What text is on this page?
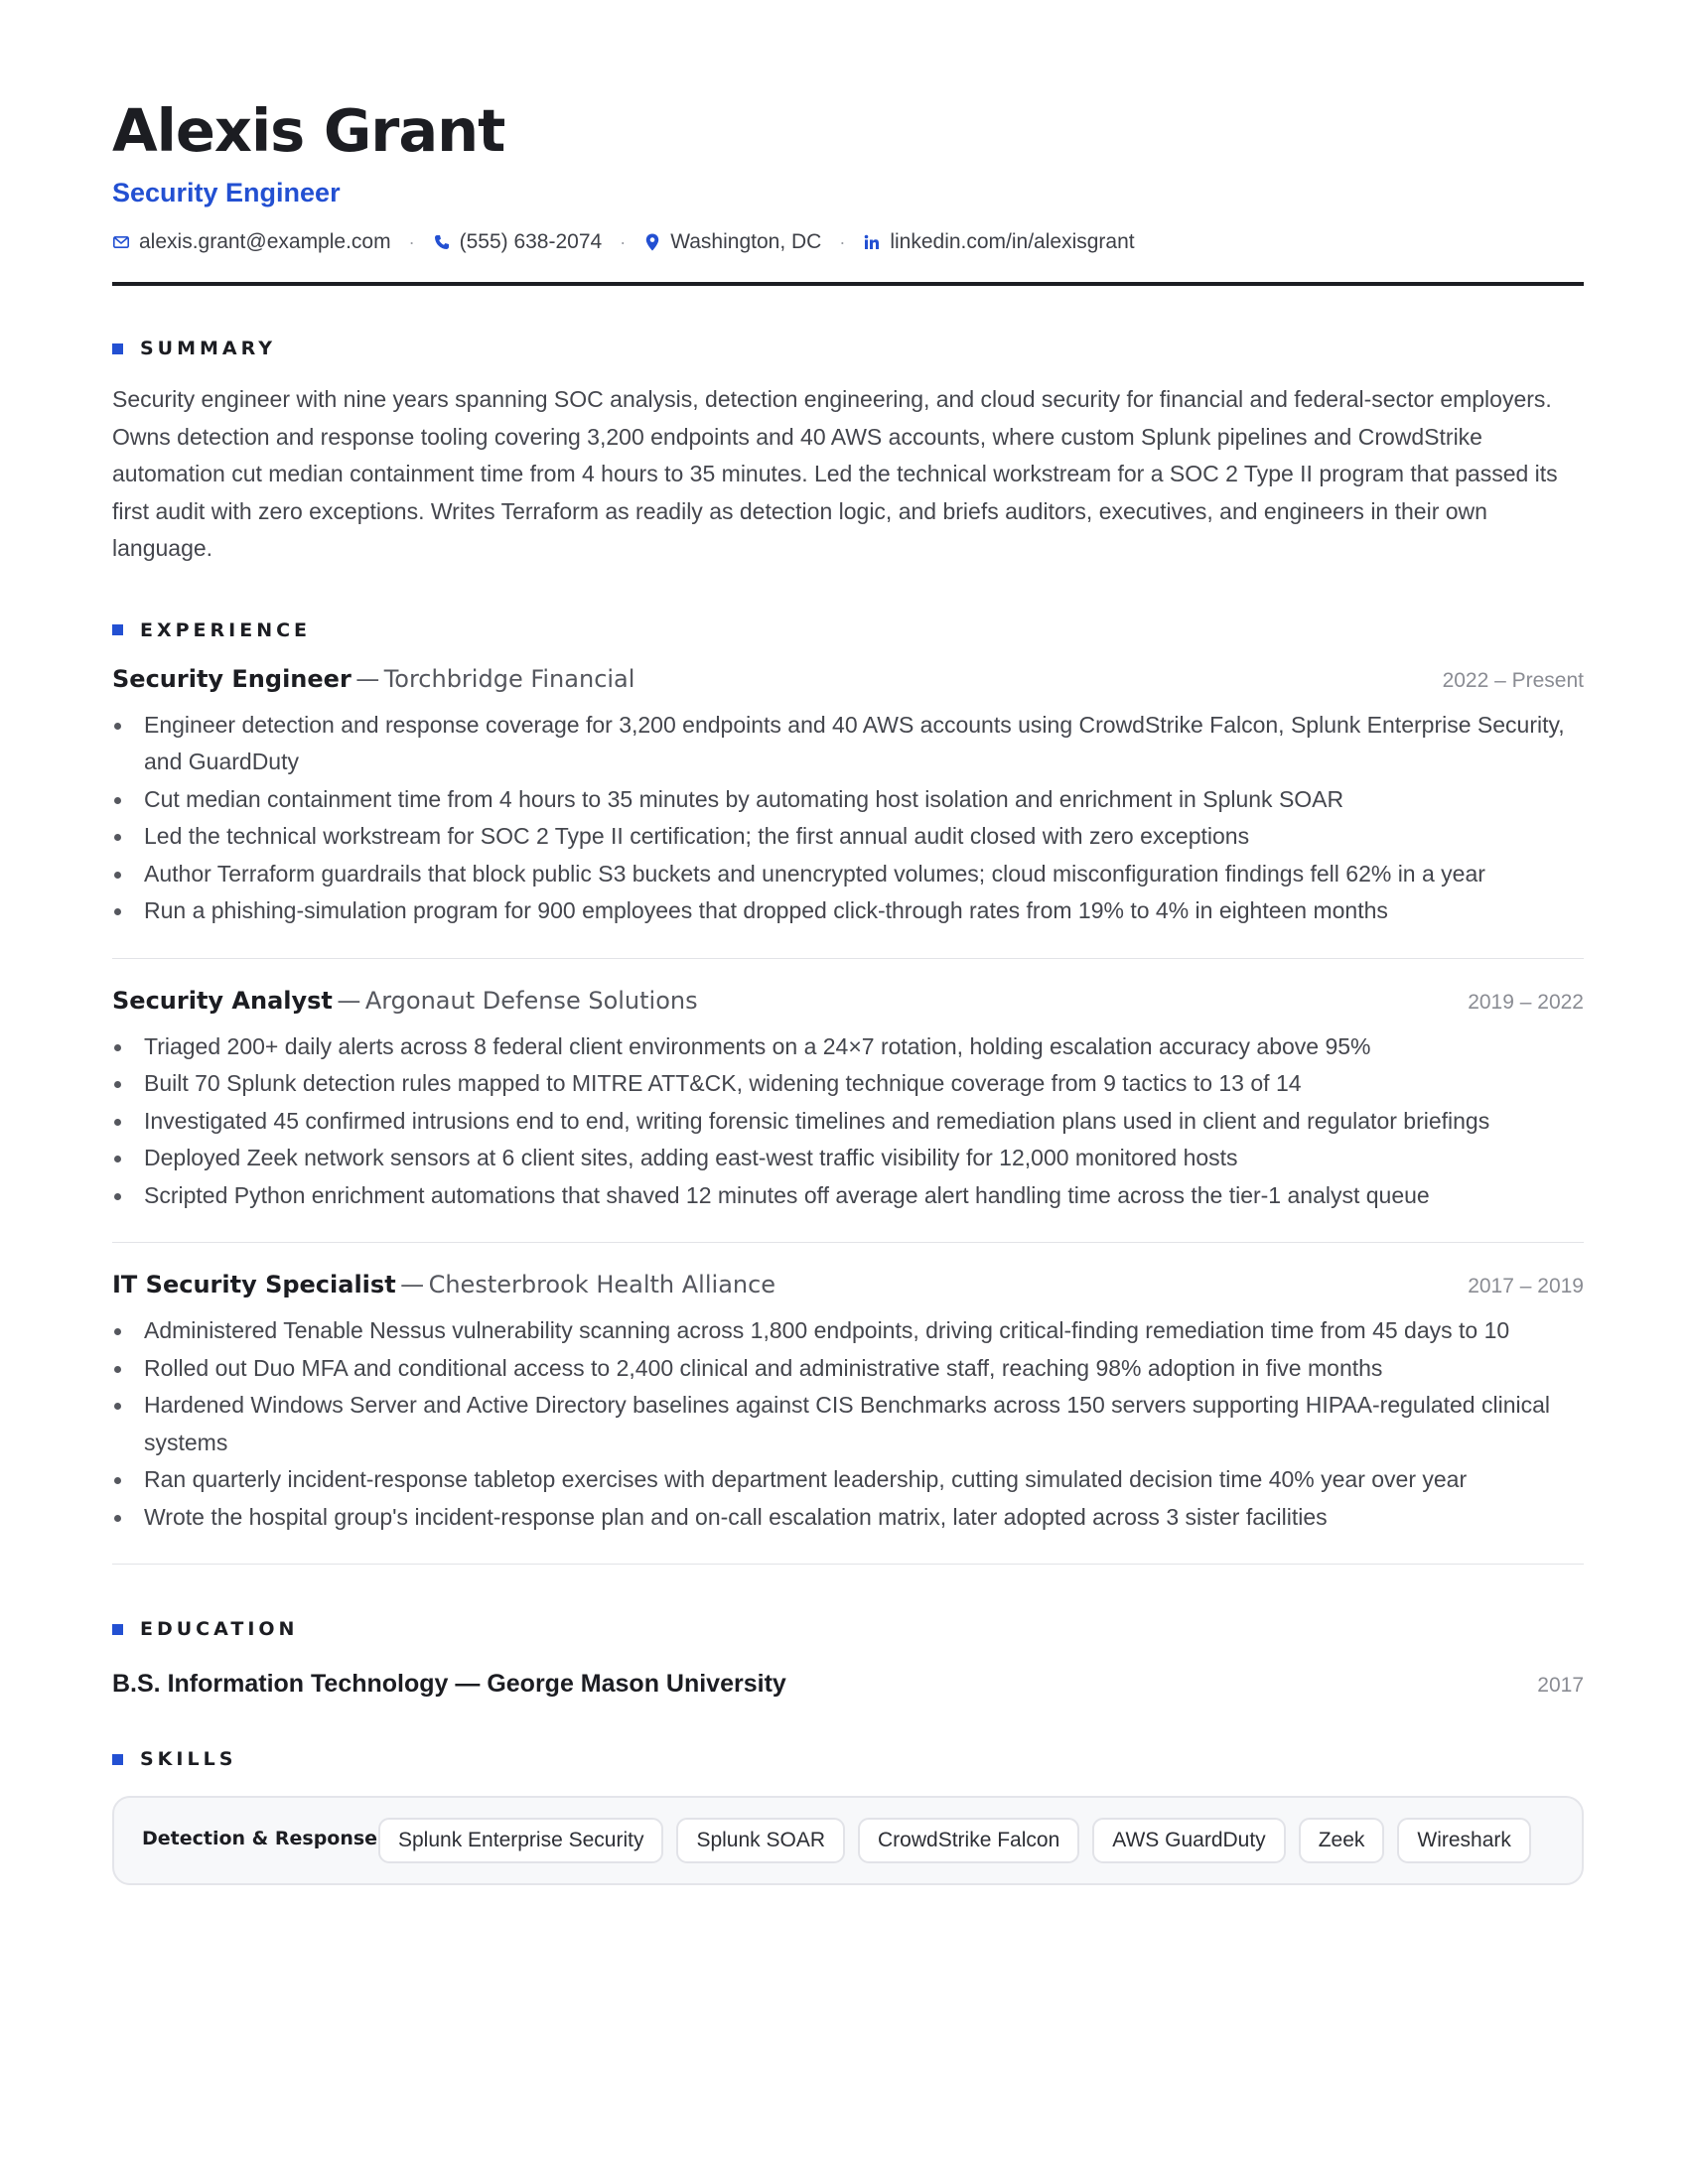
Alexis Grant
Security Engineer
alexis.grant@example.com · (555) 638-2074 · Washington, DC · linkedin.com/in/alexisgrant
SUMMARY
Security engineer with nine years spanning SOC analysis, detection engineering, and cloud security for financial and federal-sector employers. Owns detection and response tooling covering 3,200 endpoints and 40 AWS accounts, where custom Splunk pipelines and CrowdStrike automation cut median containment time from 4 hours to 35 minutes. Led the technical workstream for a SOC 2 Type II program that passed its first audit with zero exceptions. Writes Terraform as readily as detection logic, and briefs auditors, executives, and engineers in their own language.
EXPERIENCE
Security Engineer — Torchbridge Financial	2022 – Present
Engineer detection and response coverage for 3,200 endpoints and 40 AWS accounts using CrowdStrike Falcon, Splunk Enterprise Security, and GuardDuty
Cut median containment time from 4 hours to 35 minutes by automating host isolation and enrichment in Splunk SOAR
Led the technical workstream for SOC 2 Type II certification; the first annual audit closed with zero exceptions
Author Terraform guardrails that block public S3 buckets and unencrypted volumes; cloud misconfiguration findings fell 62% in a year
Run a phishing-simulation program for 900 employees that dropped click-through rates from 19% to 4% in eighteen months
Security Analyst — Argonaut Defense Solutions	2019 – 2022
Triaged 200+ daily alerts across 8 federal client environments on a 24×7 rotation, holding escalation accuracy above 95%
Built 70 Splunk detection rules mapped to MITRE ATT&CK, widening technique coverage from 9 tactics to 13 of 14
Investigated 45 confirmed intrusions end to end, writing forensic timelines and remediation plans used in client and regulator briefings
Deployed Zeek network sensors at 6 client sites, adding east-west traffic visibility for 12,000 monitored hosts
Scripted Python enrichment automations that shaved 12 minutes off average alert handling time across the tier-1 analyst queue
IT Security Specialist — Chesterbrook Health Alliance	2017 – 2019
Administered Tenable Nessus vulnerability scanning across 1,800 endpoints, driving critical-finding remediation time from 45 days to 10
Rolled out Duo MFA and conditional access to 2,400 clinical and administrative staff, reaching 98% adoption in five months
Hardened Windows Server and Active Directory baselines against CIS Benchmarks across 150 servers supporting HIPAA-regulated clinical systems
Ran quarterly incident-response tabletop exercises with department leadership, cutting simulated decision time 40% year over year
Wrote the hospital group's incident-response plan and on-call escalation matrix, later adopted across 3 sister facilities
EDUCATION
B.S. Information Technology — George Mason University	2017
SKILLS
Detection & Response Splunk Enterprise Security	Splunk SOAR	CrowdStrike Falcon	AWS GuardDuty	Zeek	Wireshark
